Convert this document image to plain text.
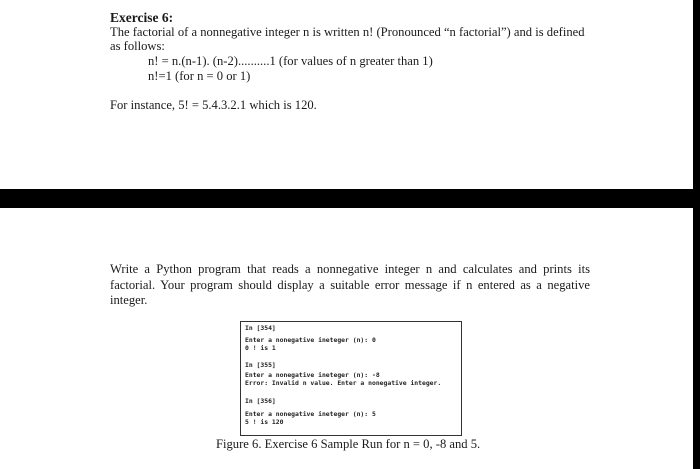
Exercise 6:
The factorial of a nonnegative integer n is written n! (Pronounced “n factorial”) and is defined
as follows:
n! = n.(n-1). (n-2)..........1 (for values of n greater than 1)
n!=1 (for n = 0 or 1)
For instance, 5! = 5.4.3.2.1 which is 120.
Write a Python program that reads a nonnegative integer n and calculates and prints its
factorial. Your program should display a suitable error message if n entered as a negative
integer.
In [354]
Enter a nonegative ineteger (n): 0
0 ! is 1
In [355]
Enter a nonegative ineteger (n): -8
Error: Invalid n value. Enter a nonegative integer.
In [356]
Enter a nonegative ineteger (n): 5
5 ! is 120
Figure 6. Exercise 6 Sample Run for n = 0, -8 and 5.
